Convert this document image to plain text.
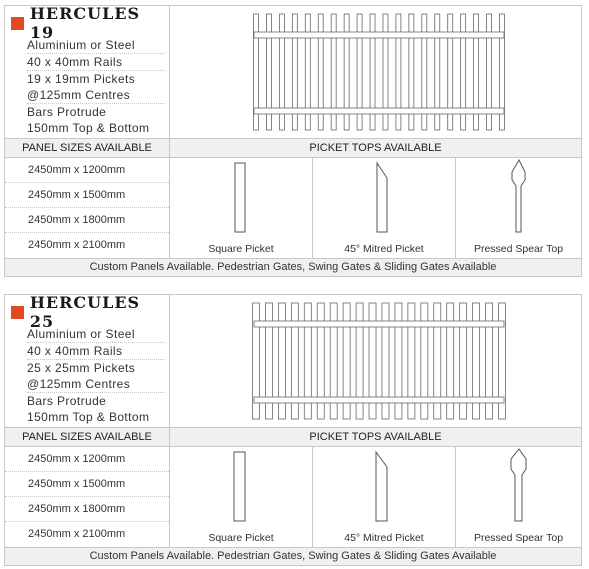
HERCULES 19
Aluminium or Steel
40 x 40mm Rails
19 x 19mm Pickets
@125mm Centres
Bars Protrude
150mm Top & Bottom
PANEL SIZES AVAILABLE	PICKET TOPS AVAILABLE
2450mm x 1200mm
2450mm x 1500mm
2450mm x 1800mm
2450mm x 2100mm	Square Picket	45° Mitred Picket	Pressed Spear Top
Custom Panels Available. Pedestrian Gates, Swing Gates & Sliding Gates Available
HERCULES 25
Aluminium or Steel
40 x 40mm Rails
25 x 25mm Pickets
@125mm Centres
Bars Protrude
150mm Top & Bottom
PANEL SIZES AVAILABLE	PICKET TOPS AVAILABLE
2450mm x 1200mm
2450mm x 1500mm
2450mm x 1800mm
2450mm x 2100mm	Square Picket	45° Mitred Picket	Pressed Spear Top
Custom Panels Available. Pedestrian Gates, Swing Gates & Sliding Gates Available
